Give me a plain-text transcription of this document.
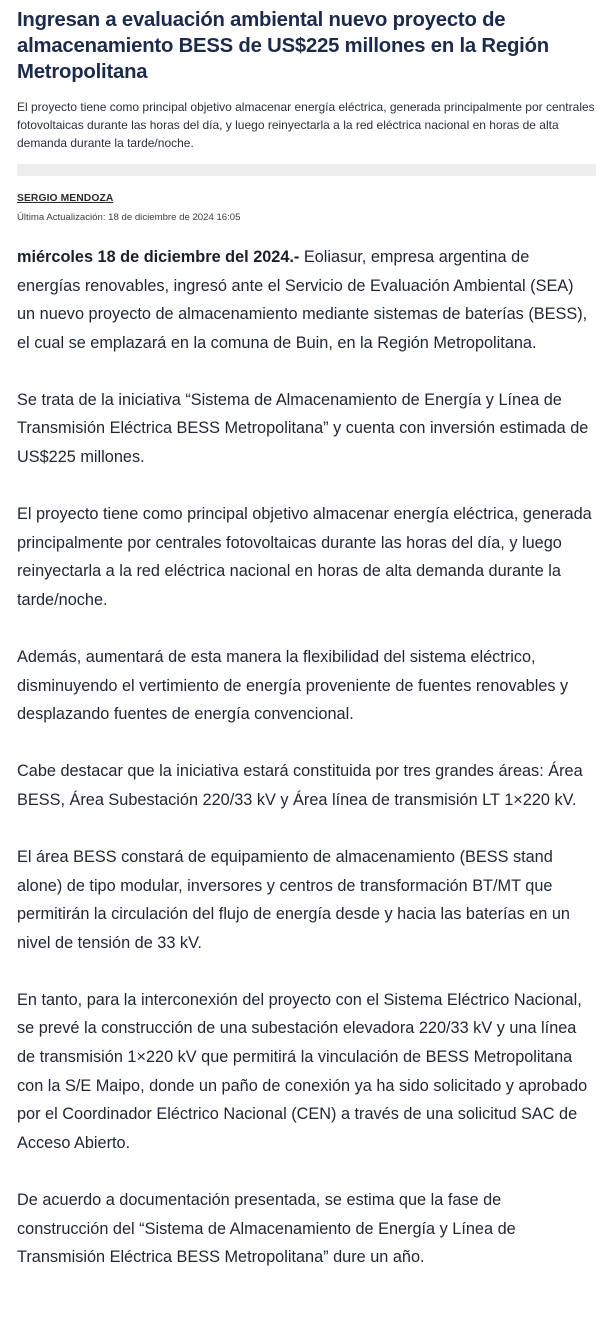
Ingresan a evaluación ambiental nuevo proyecto de almacenamiento BESS de US$225 millones en la Región Metropolitana

El proyecto tiene como principal objetivo almacenar energía eléctrica, generada principalmente por centrales fotovoltaicas durante las horas del día, y luego reinyectarla a la red eléctrica nacional en horas de alta demanda durante la tarde/noche.

SERGIO MENDOZA
Última Actualización: 18 de diciembre de 2024 16:05

miércoles 18 de diciembre del 2024.- Eoliasur, empresa argentina de energías renovables, ingresó ante el Servicio de Evaluación Ambiental (SEA) un nuevo proyecto de almacenamiento mediante sistemas de baterías (BESS), el cual se emplazará en la comuna de Buin, en la Región Metropolitana.

Se trata de la iniciativa “Sistema de Almacenamiento de Energía y Línea de Transmisión Eléctrica BESS Metropolitana” y cuenta con inversión estimada de US$225 millones.

El proyecto tiene como principal objetivo almacenar energía eléctrica, generada principalmente por centrales fotovoltaicas durante las horas del día, y luego reinyectarla a la red eléctrica nacional en horas de alta demanda durante la tarde/noche.

Además, aumentará de esta manera la flexibilidad del sistema eléctrico, disminuyendo el vertimiento de energía proveniente de fuentes renovables y desplazando fuentes de energía convencional.

Cabe destacar que la iniciativa estará constituida por tres grandes áreas: Área BESS, Área Subestación 220/33 kV y Área línea de transmisión LT 1×220 kV.

El área BESS constará de equipamiento de almacenamiento (BESS stand alone) de tipo modular, inversores y centros de transformación BT/MT que permitirán la circulación del flujo de energía desde y hacia las baterías en un nivel de tensión de 33 kV.

En tanto, para la interconexión del proyecto con el Sistema Eléctrico Nacional, se prevé la construcción de una subestación elevadora 220/33 kV y una línea de transmisión 1×220 kV que permitirá la vinculación de BESS Metropolitana con la S/E Maipo, donde un paño de conexión ya ha sido solicitado y aprobado por el Coordinador Eléctrico Nacional (CEN) a través de una solicitud SAC de Acceso Abierto.

De acuerdo a documentación presentada, se estima que la fase de construcción del “Sistema de Almacenamiento de Energía y Línea de Transmisión Eléctrica BESS Metropolitana” dure un año.
